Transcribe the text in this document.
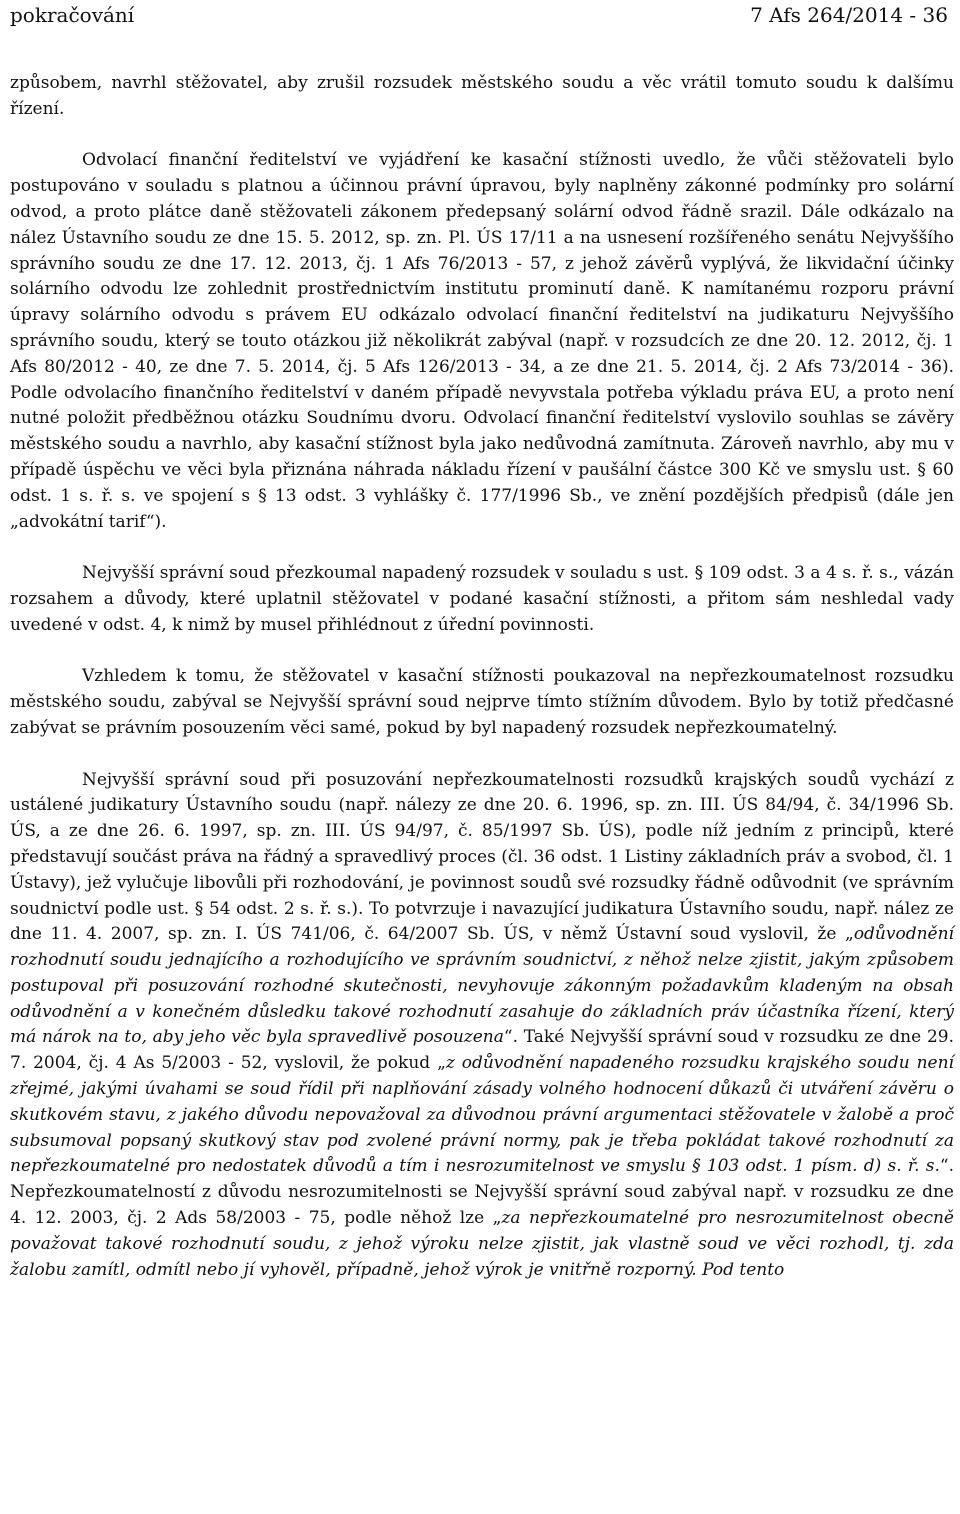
pokračování	7 Afs 264/2014 - 36

způsobem, navrhl stěžovatel, aby zrušil rozsudek městského soudu a věc vrátil tomuto soudu k dalšímu řízení.

Odvolací finanční ředitelství ve vyjádření ke kasační stížnosti uvedlo, že vůči stěžovateli bylo postupováno v souladu s platnou a účinnou právní úpravou, byly naplněny zákonné podmínky pro solární odvod, a proto plátce daně stěžovateli zákonem předepsaný solární odvod řádně srazil. Dále odkázalo na nález Ústavního soudu ze dne 15. 5. 2012, sp. zn. Pl. ÚS 17/11 a na usnesení rozšířeného senátu Nejvyššího správního soudu ze dne 17. 12. 2013, čj. 1 Afs 76/2013 - 57, z jehož závěrů vyplývá, že likvidační účinky solárního odvodu lze zohlednit prostřednictvím institutu prominutí daně. K namítanému rozporu právní úpravy solárního odvodu s právem EU odkázalo odvolací finanční ředitelství na judikaturu Nejvyššího správního soudu, který se touto otázkou již několikrát zabýval (např. v rozsudcích ze dne 20. 12. 2012, čj. 1 Afs 80/2012 - 40, ze dne 7. 5. 2014, čj. 5 Afs 126/2013 - 34, a ze dne 21. 5. 2014, čj. 2 Afs 73/2014 - 36). Podle odvolacího finančního ředitelství v daném případě nevyvstala potřeba výkladu práva EU, a proto není nutné položit předběžnou otázku Soudnímu dvoru. Odvolací finanční ředitelství vyslovilo souhlas se závěry městského soudu a navrhlo, aby kasační stížnost byla jako nedůvodná zamítnuta. Zároveň navrhlo, aby mu v případě úspěchu ve věci byla přiznána náhrada nákladu řízení v paušální částce 300 Kč ve smyslu ust. § 60 odst. 1 s. ř. s. ve spojení s § 13 odst. 3 vyhlášky č. 177/1996 Sb., ve znění pozdějších předpisů (dále jen „advokátní tarif“).

Nejvyšší správní soud přezkoumal napadený rozsudek v souladu s ust. § 109 odst. 3 a 4 s. ř. s., vázán rozsahem a důvody, které uplatnil stěžovatel v podané kasační stížnosti, a přitom sám neshledal vady uvedené v odst. 4, k nimž by musel přihlédnout z úřední povinnosti.

Vzhledem k tomu, že stěžovatel v kasační stížnosti poukazoval na nepřezkoumatelnost rozsudku městského soudu, zabýval se Nejvyšší správní soud nejprve tímto stížním důvodem. Bylo by totiž předčasné zabývat se právním posouzením věci samé, pokud by byl napadený rozsudek nepřezkoumatelný.

Nejvyšší správní soud při posuzování nepřezkoumatelnosti rozsudků krajských soudů vychází z ustálené judikatury Ústavního soudu (např. nálezy ze dne 20. 6. 1996, sp. zn. III. ÚS 84/94, č. 34/1996 Sb. ÚS, a ze dne 26. 6. 1997, sp. zn. III. ÚS 94/97, č. 85/1997 Sb. ÚS), podle níž jedním z principů, které představují součást práva na řádný a spravedlivý proces (čl. 36 odst. 1 Listiny základních práv a svobod, čl. 1 Ústavy), jež vylučuje libovůli při rozhodování, je povinnost soudů své rozsudky řádně odůvodnit (ve správním soudnictví podle ust. § 54 odst. 2 s. ř. s.). To potvrzuje i navazující judikatura Ústavního soudu, např. nález ze dne 11. 4. 2007, sp. zn. I. ÚS 741/06, č. 64/2007 Sb. ÚS, v němž Ústavní soud vyslovil, že „odůvodnění rozhodnutí soudu jednajícího a rozhodujícího ve správním soudnictví, z něhož nelze zjistit, jakým způsobem postupoval při posuzování rozhodné skutečnosti, nevyhovuje zákonným požadavkům kladeným na obsah odůvodnění a v konečném důsledku takové rozhodnutí zasahuje do základních práv účastníka řízení, který má nárok na to, aby jeho věc byla spravedlivě posouzena“. Také Nejvyšší správní soud v rozsudku ze dne 29. 7. 2004, čj. 4 As 5/2003 - 52, vyslovil, že pokud „z odůvodnění napadeného rozsudku krajského soudu není zřejmé, jakými úvahami se soud řídil při naplňování zásady volného hodnocení důkazů či utváření závěru o skutkovém stavu, z jakého důvodu nepovažoval za důvodnou právní argumentaci stěžovatele v žalobě a proč subsumoval popsaný skutkový stav pod zvolené právní normy, pak je třeba pokládat takové rozhodnutí za nepřezkoumatelné pro nedostatek důvodů a tím i nesrozumitelnost ve smyslu § 103 odst. 1 písm. d) s. ř. s.“. Nepřezkoumatelností z důvodu nesrozumitelnosti se Nejvyšší správní soud zabýval např. v rozsudku ze dne 4. 12. 2003, čj. 2 Ads 58/2003 - 75, podle něhož lze „za nepřezkoumatelné pro nesrozumitelnost obecně považovat takové rozhodnutí soudu, z jehož výroku nelze zjistit, jak vlastně soud ve věci rozhodl, tj. zda žalobu zamítl, odmítl nebo jí vyhověl, případně, jehož výrok je vnitřně rozporný. Pod tento
